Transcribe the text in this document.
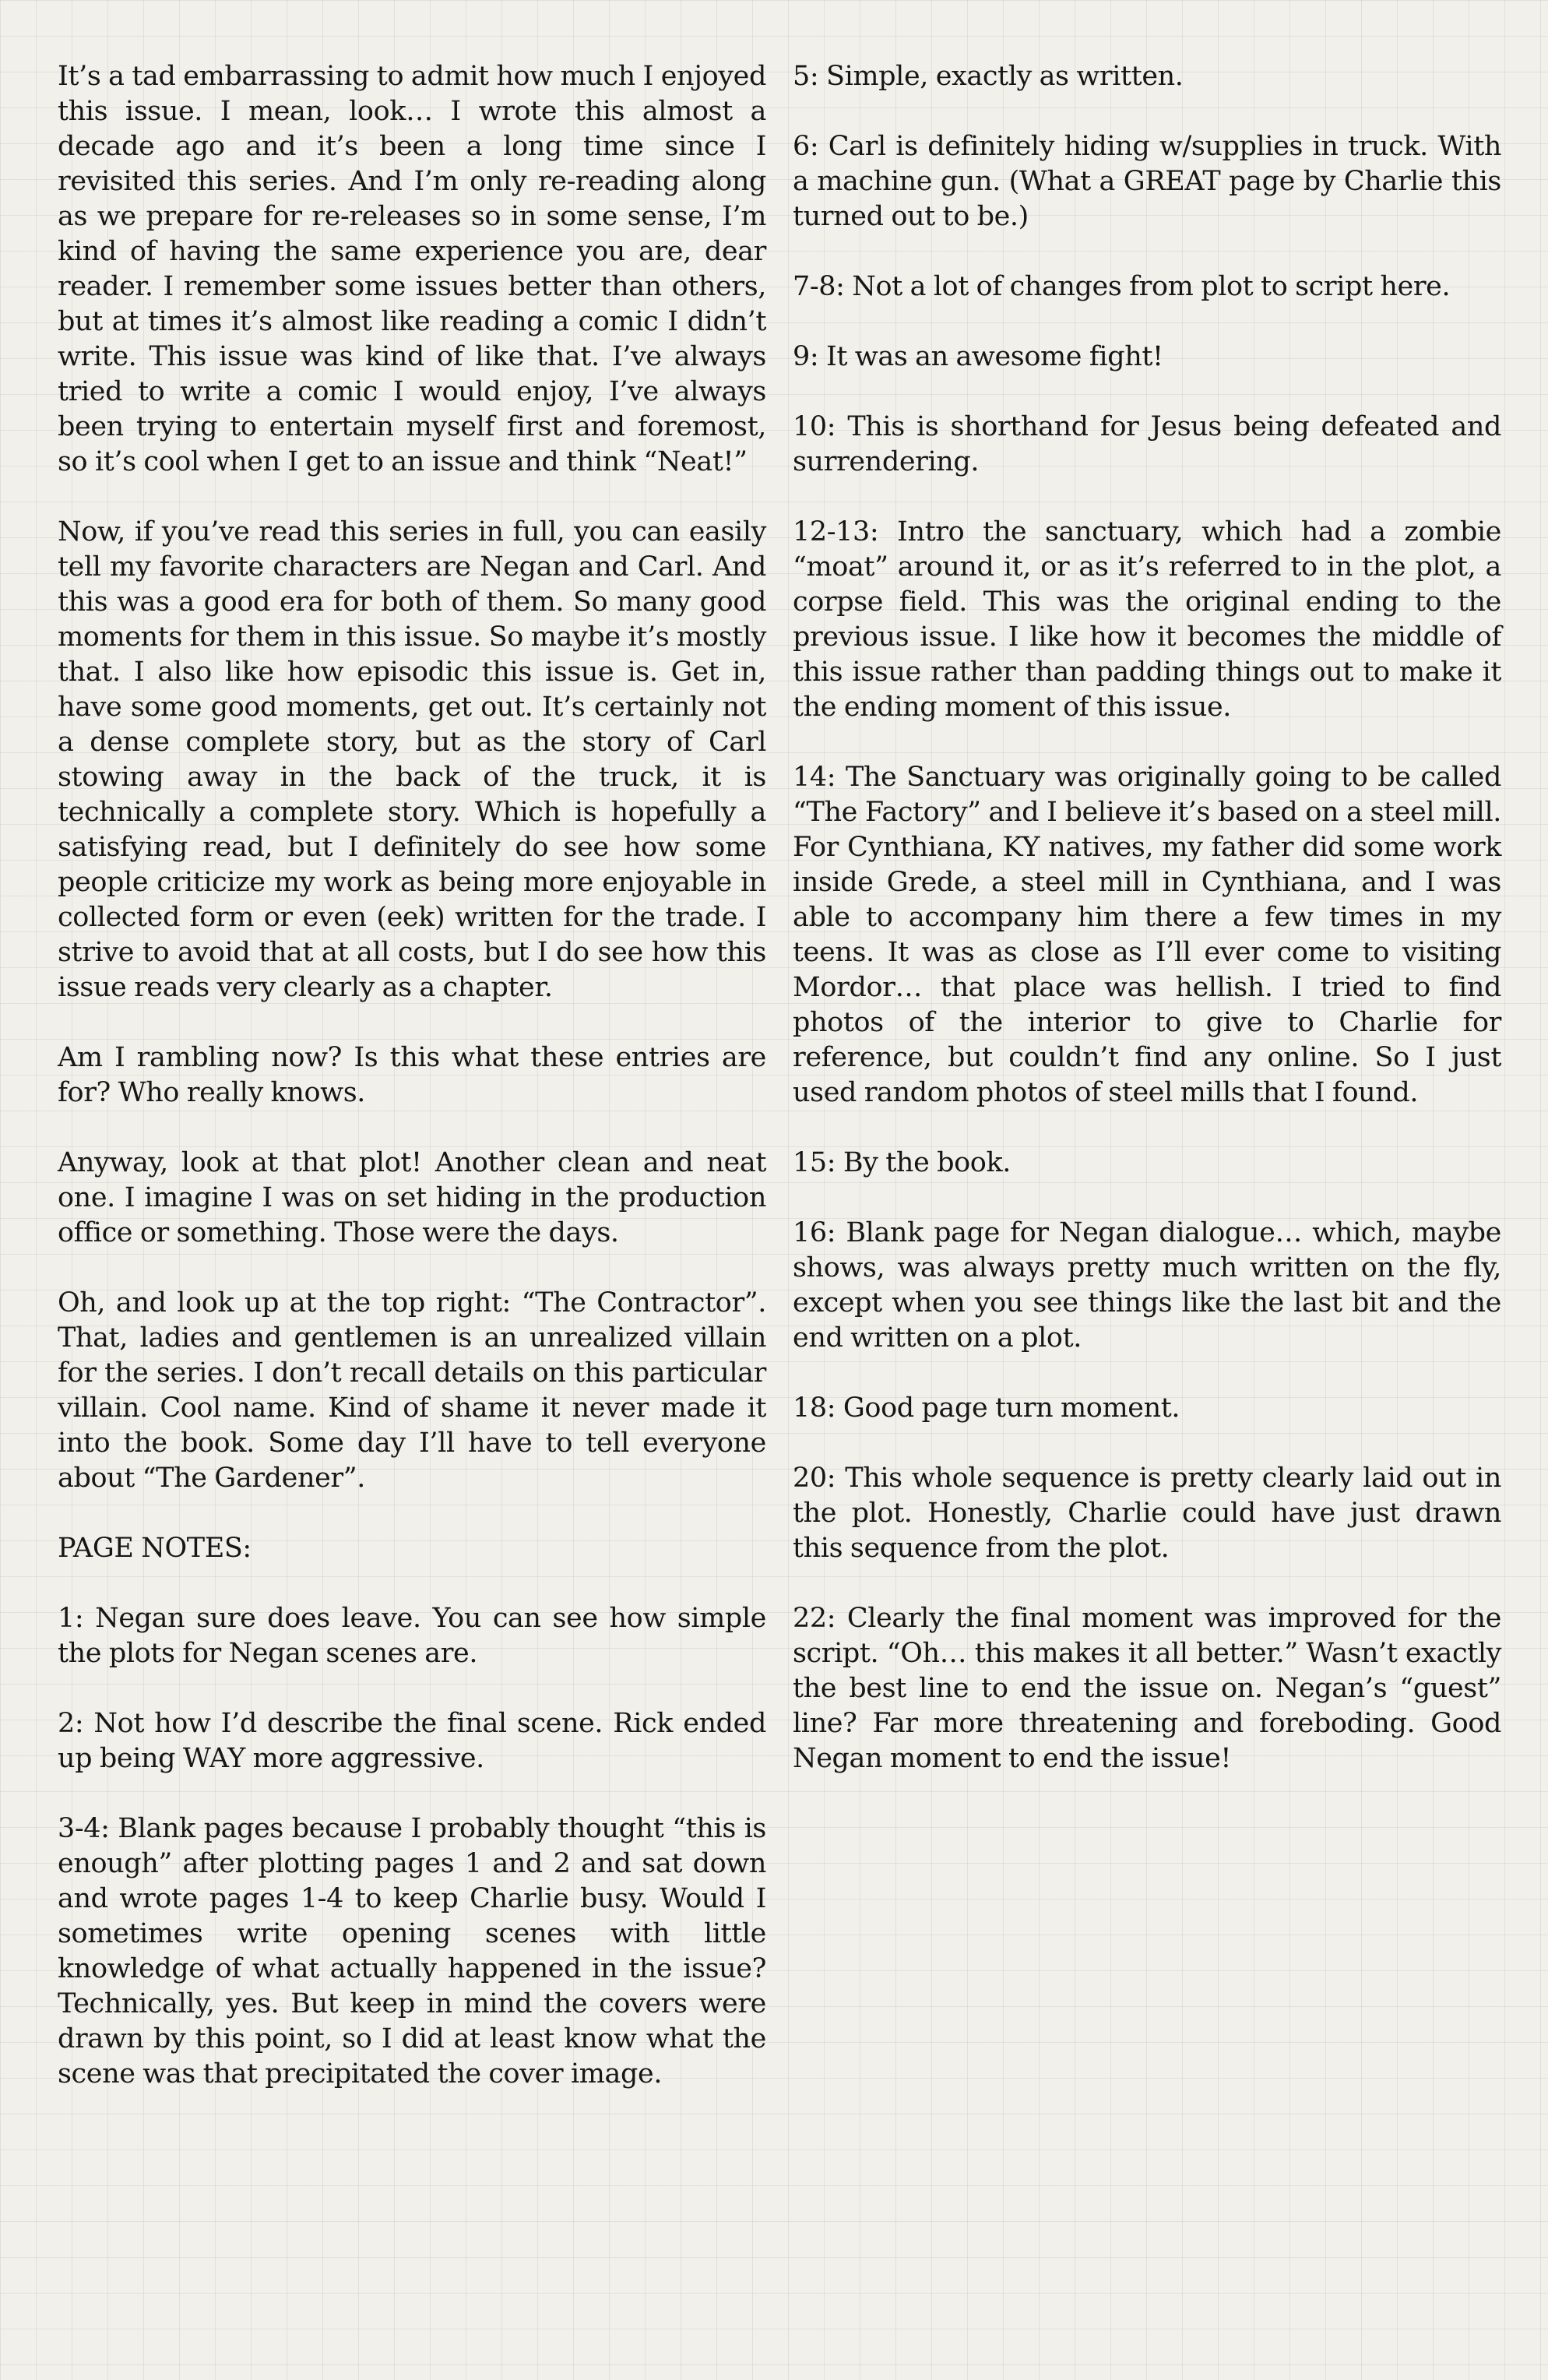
It’s a tad embarrassing to admit how much I enjoyed this issue. I mean, look… I wrote this almost a decade ago and it’s been a long time since I revisited this series. And I’m only re-reading along as we prepare for re-releases so in some sense, I’m kind of having the same experience you are, dear reader. I remember some issues better than others, but at times it’s almost like reading a comic I didn’t write. This issue was kind of like that. I’ve always tried to write a comic I would enjoy, I’ve always been trying to entertain myself first and foremost, so it’s cool when I get to an issue and think “Neat!”

Now, if you’ve read this series in full, you can easily tell my favorite characters are Negan and Carl. And this was a good era for both of them. So many good moments for them in this issue. So maybe it’s mostly that. I also like how episodic this issue is. Get in, have some good moments, get out. It’s certainly not a dense complete story, but as the story of Carl stowing away in the back of the truck, it is technically a complete story. Which is hopefully a satisfying read, but I definitely do see how some people criticize my work as being more enjoyable in collected form or even (eek) written for the trade. I strive to avoid that at all costs, but I do see how this issue reads very clearly as a chapter.

Am I rambling now? Is this what these entries are for? Who really knows.

Anyway, look at that plot! Another clean and neat one. I imagine I was on set hiding in the production office or something. Those were the days.

Oh, and look up at the top right: “The Contractor”. That, ladies and gentlemen is an unrealized villain for the series. I don’t recall details on this particular villain. Cool name. Kind of shame it never made it into the book. Some day I’ll have to tell everyone about “The Gardener”.

PAGE NOTES:

1: Negan sure does leave. You can see how simple the plots for Negan scenes are.

2: Not how I’d describe the final scene. Rick ended up being WAY more aggressive.

3-4: Blank pages because I probably thought “this is enough” after plotting pages 1 and 2 and sat down and wrote pages 1-4 to keep Charlie busy. Would I sometimes write opening scenes with little knowledge of what actually happened in the issue? Technically, yes. But keep in mind the covers were drawn by this point, so I did at least know what the scene was that precipitated the cover image.

5: Simple, exactly as written.

6: Carl is definitely hiding w/supplies in truck. With a machine gun. (What a GREAT page by Charlie this turned out to be.)

7-8: Not a lot of changes from plot to script here.

9: It was an awesome fight!

10: This is shorthand for Jesus being defeated and surrendering.

12-13: Intro the sanctuary, which had a zombie “moat” around it, or as it’s referred to in the plot, a corpse field. This was the original ending to the previous issue. I like how it becomes the middle of this issue rather than padding things out to make it the ending moment of this issue.

14: The Sanctuary was originally going to be called “The Factory” and I believe it’s based on a steel mill. For Cynthiana, KY natives, my father did some work inside Grede, a steel mill in Cynthiana, and I was able to accompany him there a few times in my teens. It was as close as I’ll ever come to visiting Mordor… that place was hellish. I tried to find photos of the interior to give to Charlie for reference, but couldn’t find any online. So I just used random photos of steel mills that I found.

15: By the book.

16: Blank page for Negan dialogue… which, maybe shows, was always pretty much written on the fly, except when you see things like the last bit and the end written on a plot.

18: Good page turn moment.

20: This whole sequence is pretty clearly laid out in the plot. Honestly, Charlie could have just drawn this sequence from the plot.

22: Clearly the final moment was improved for the script. “Oh… this makes it all better.” Wasn’t exactly the best line to end the issue on. Negan’s “guest” line? Far more threatening and foreboding. Good Negan moment to end the issue!
